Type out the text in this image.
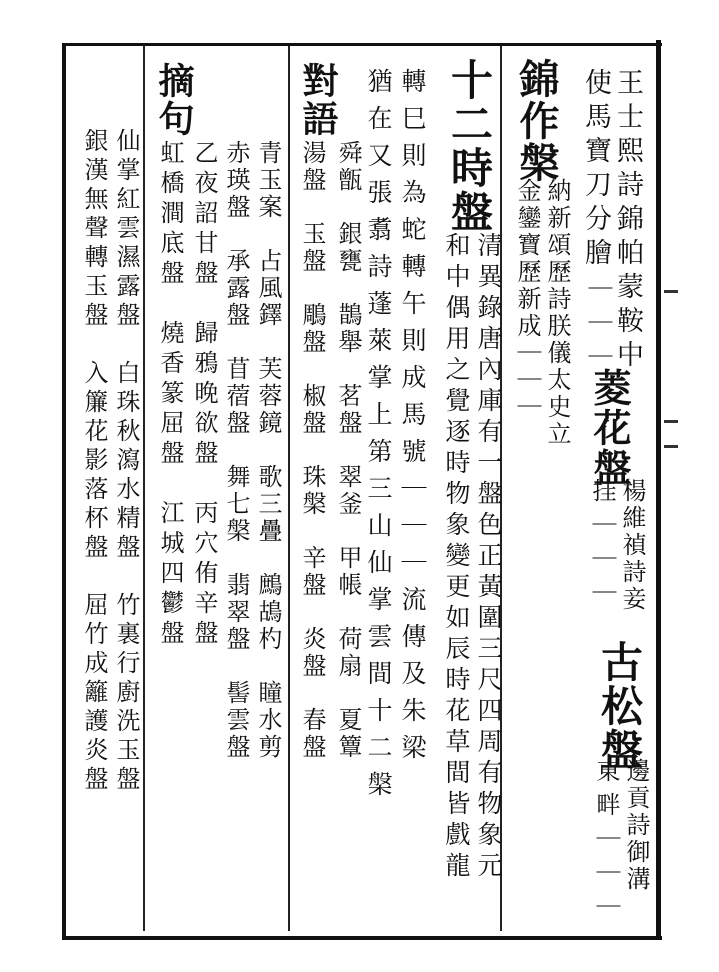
王士熙詩錦帕蒙鞍中
使馬寶刀分膾
｜｜｜
菱花盤
楊維禎詩妾
挂｜｜｜
古松盤
邊貢詩御溝
東畔｜｜｜
錦作槃
納新頌歷詩朕儀太史立
金鑾寶歷新成｜｜｜
十二時盤
清異錄唐內庫有一盤色正黃圍三尺四周有物象元
和中偶用之覺逐時物象變更如辰時花草間皆戲龍
轉巳則為蛇轉午則成馬號｜｜｜流傳及朱梁
猶在又張翥詩蓬萊掌上第三山仙掌雲間十二槃
對語
舜甑　銀甕　鵲舉　茗盤　翠釜　甲帳　荷扇　夏簟
湯盤　玉盤　鵰盤　椒盤　珠槃　辛盤　炎盤　春盤
青玉案　占風鐸　芙蓉鏡　歌三疊　鷓鴣杓　瞳水剪
赤瑛盤　承露盤　苜蓿盤　舞七槃　翡翠盤　髻雲盤
摘句
乙夜詔甘盤　歸鴉晚欲盤　丙穴侑辛盤
虹橋澗底盤　燒香篆屈盤　江城四鬱盤
仙掌紅雲濕露盤　白珠秋瀉水精盤　竹裏行廚洗玉盤
銀漢無聲轉玉盤　入簾花影落杯盤　屈竹成籬護炎盤
